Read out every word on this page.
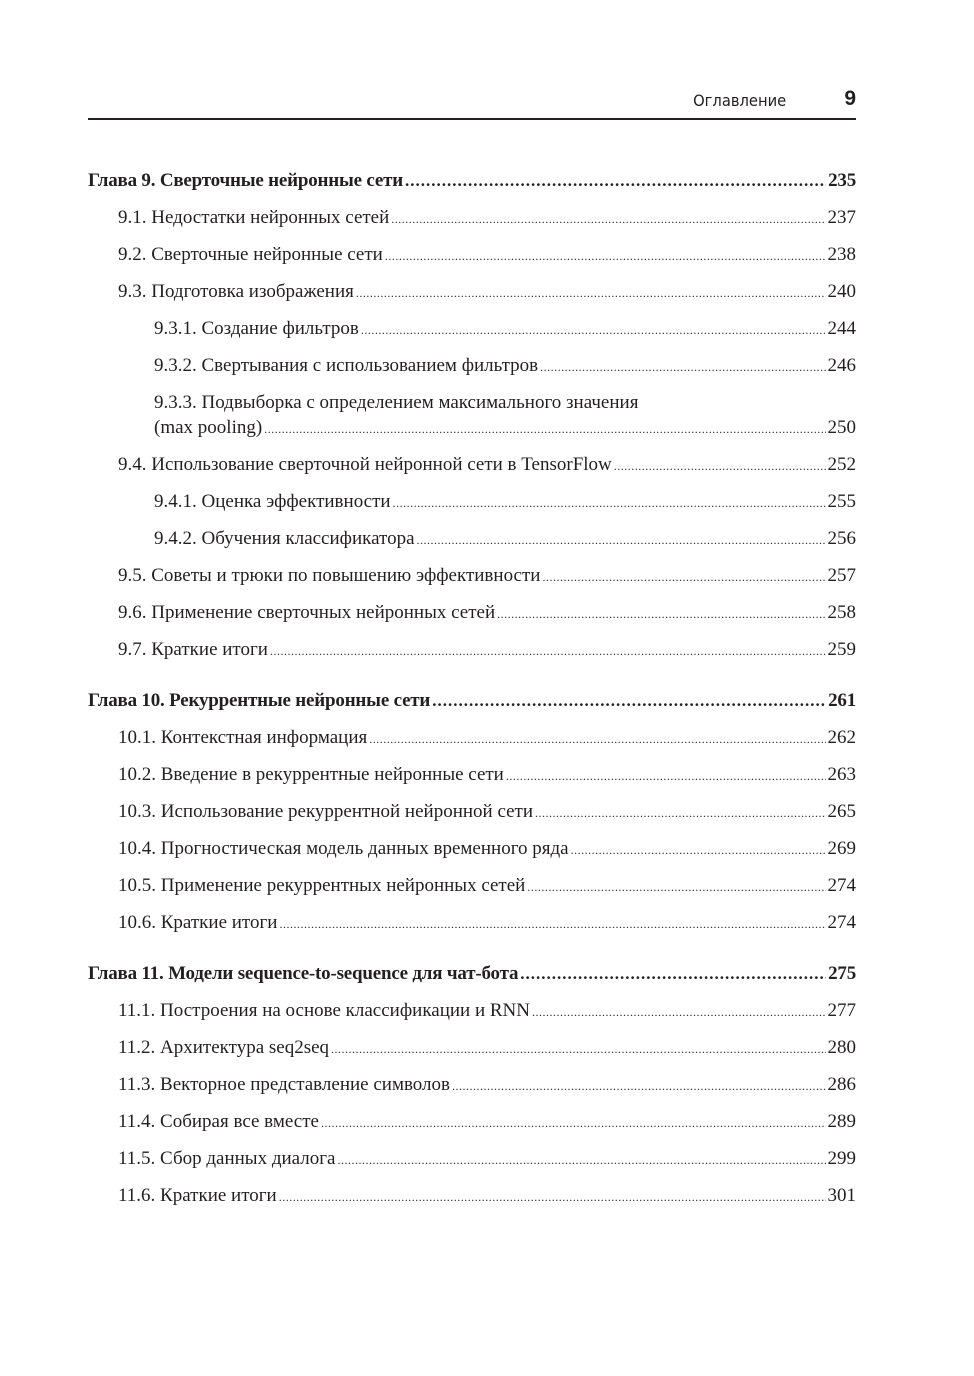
Оглавление	9
Глава 9. Сверточные нейронные сети .....	235
9.1. Недостатки нейронных сетей .....	237
9.2. Сверточные нейронные сети .....	238
9.3. Подготовка изображения .....	240
9.3.1. Создание фильтров .....	244
9.3.2. Свертывания с использованием фильтров .....	246
9.3.3. Подвыборка с определением максимального значения
(max pooling) .....	250
9.4. Использование сверточной нейронной сети в TensorFlow .....	252
9.4.1. Оценка эффективности .....	255
9.4.2. Обучения классификатора .....	256
9.5. Советы и трюки по повышению эффективности .....	257
9.6. Применение сверточных нейронных сетей .....	258
9.7. Краткие итоги .....	259
Глава 10. Рекуррентные нейронные сети .....	261
10.1. Контекстная информация .....	262
10.2. Введение в рекуррентные нейронные сети .....	263
10.3. Использование рекуррентной нейронной сети .....	265
10.4. Прогностическая модель данных временного ряда .....	269
10.5. Применение рекуррентных нейронных сетей .....	274
10.6. Краткие итоги .....	274
Глава 11. Модели sequence-to-sequence для чат-бота .....	275
11.1. Построения на основе классификации и RNN .....	277
11.2. Архитектура seq2seq .....	280
11.3. Векторное представление символов .....	286
11.4. Собирая все вместе .....	289
11.5. Сбор данных диалога .....	299
11.6. Краткие итоги .....	301
